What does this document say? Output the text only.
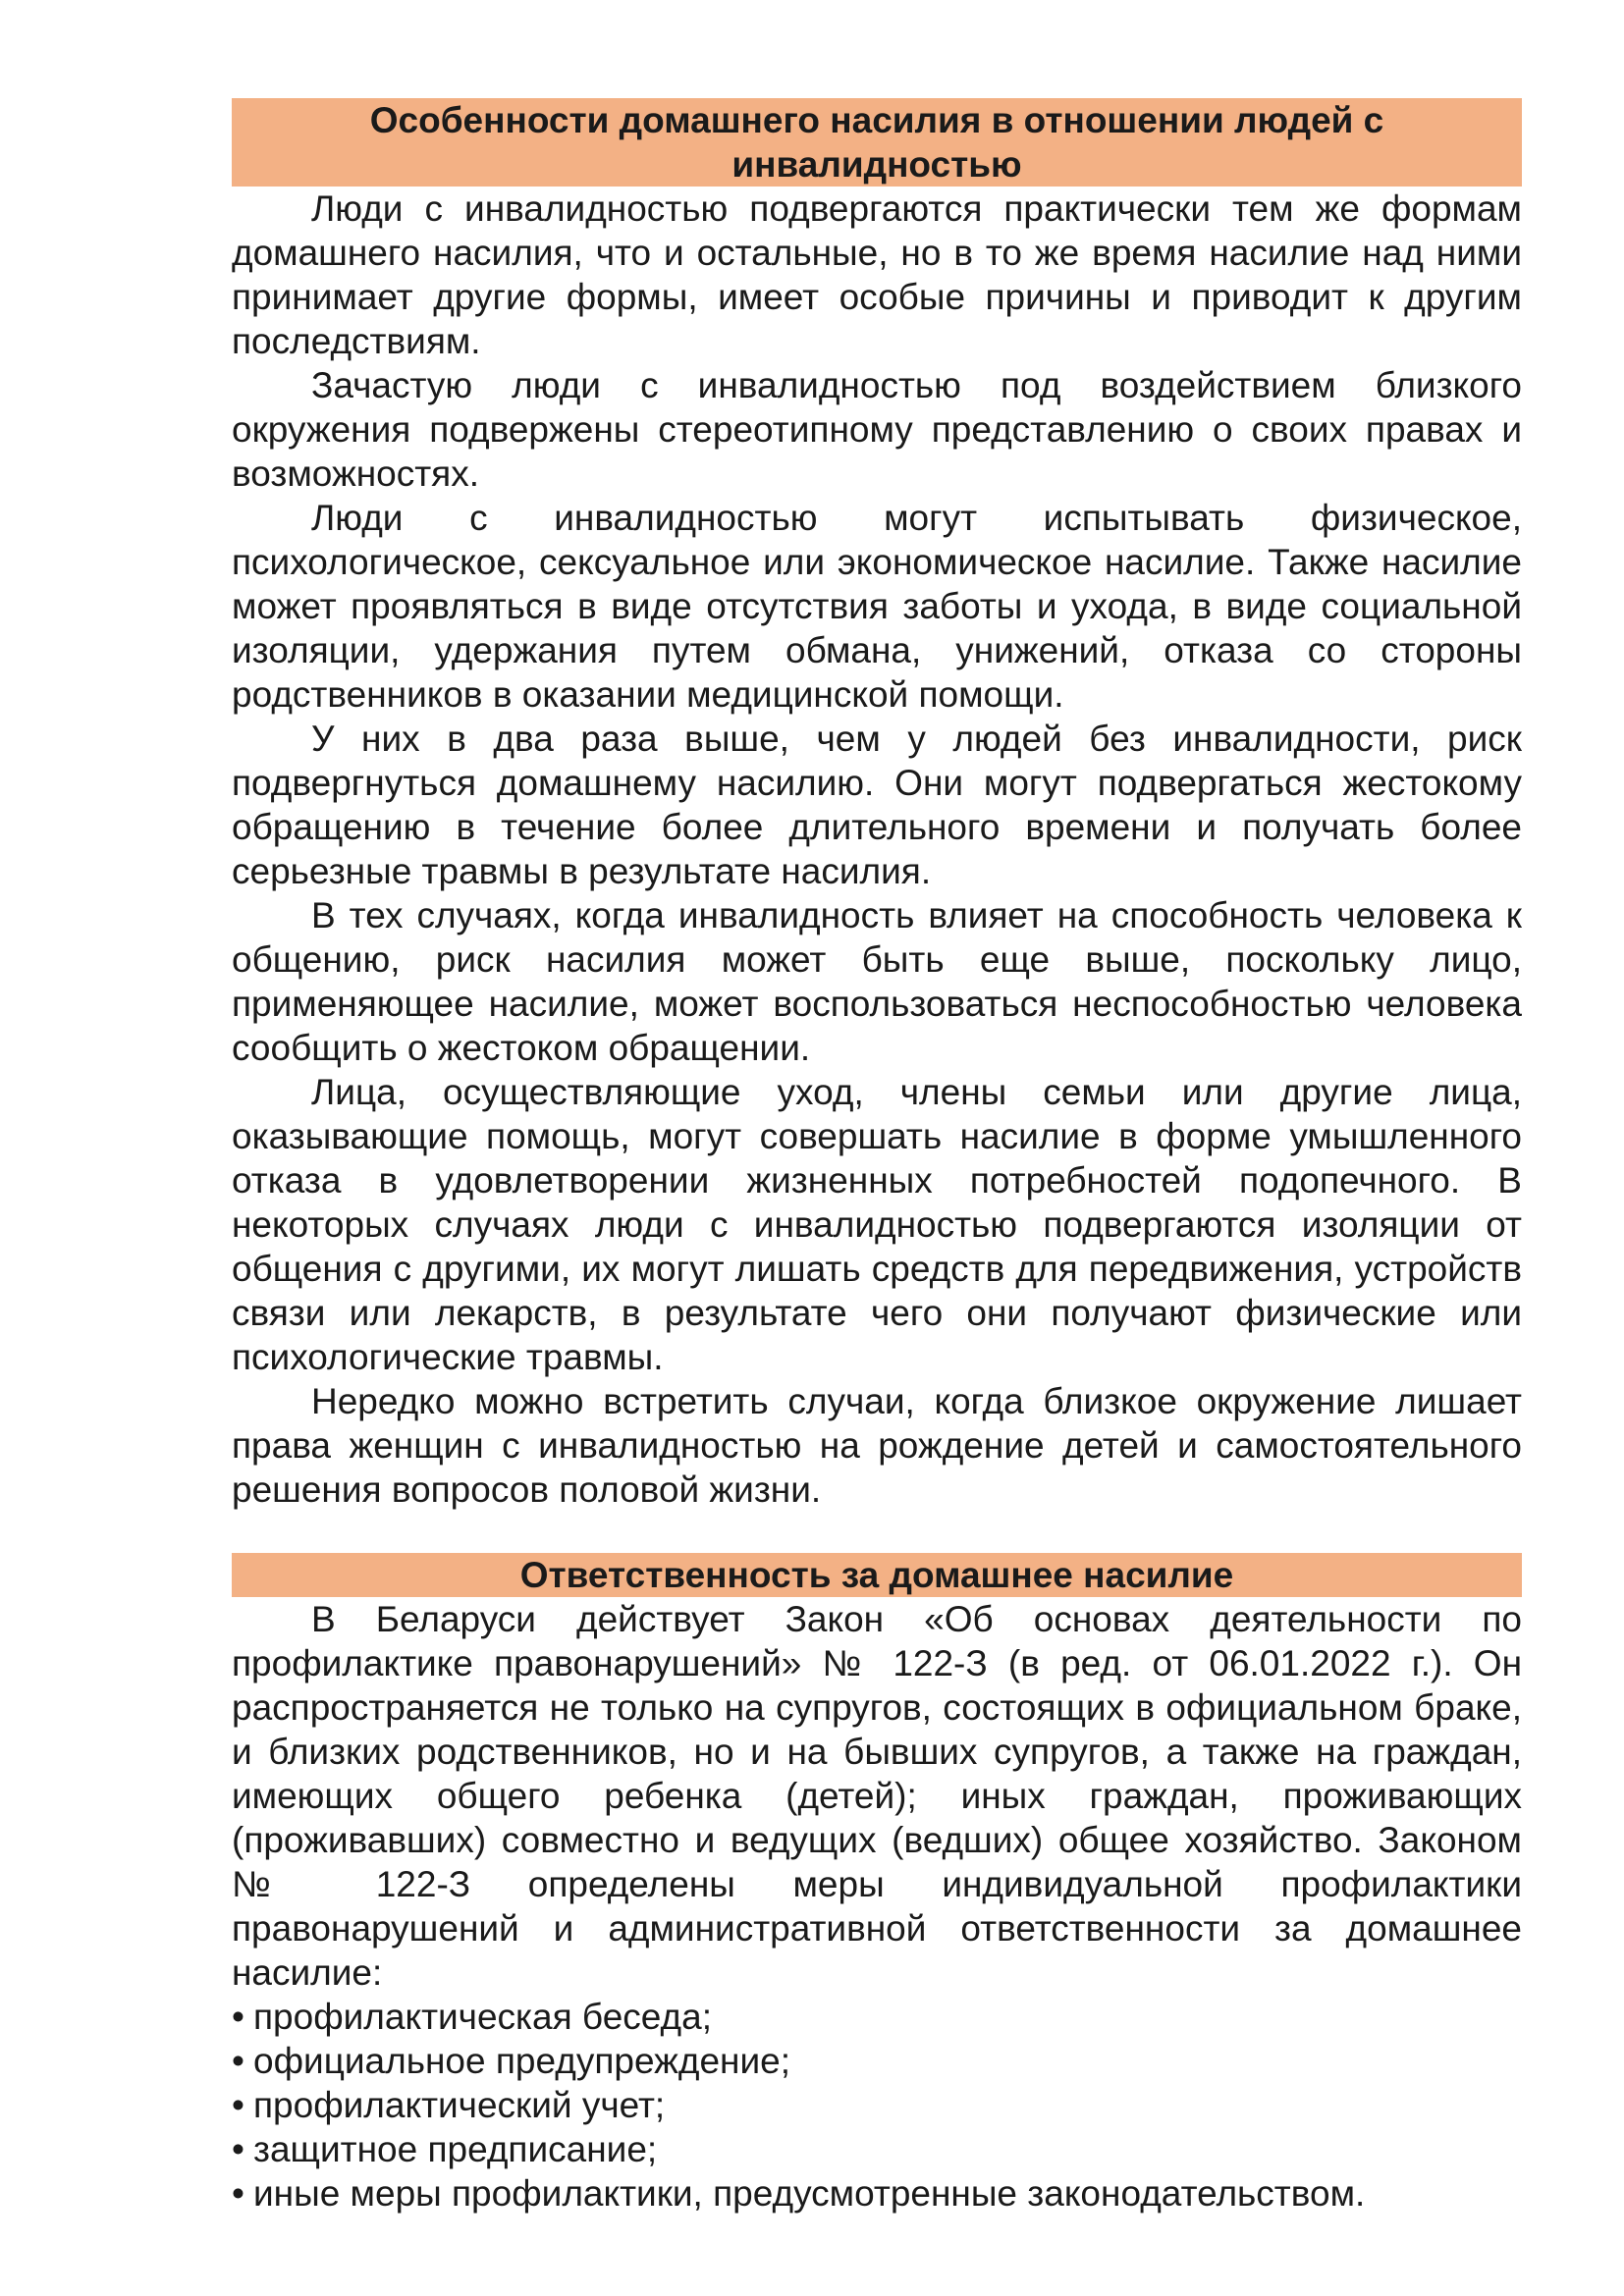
Особенности домашнего насилия в отношении людей с инвалидностью

Люди с инвалидностью подвергаются практически тем же формам домашнего насилия, что и остальные, но в то же время насилие над ними принимает другие формы, имеет особые причины и приводит к другим последствиям.

Зачастую люди с инвалидностью под воздействием близкого окружения подвержены стереотипному представлению о своих правах и возможностях.

Люди с инвалидностью могут испытывать физическое, психологическое, сексуальное или экономическое насилие. Также насилие может проявляться в виде отсутствия заботы и ухода, в виде социальной изоляции, удержания путем обмана, унижений, отказа со стороны родственников в оказании медицинской помощи.

У них в два раза выше, чем у людей без инвалидности, риск подвергнуться домашнему насилию. Они могут подвергаться жестокому обращению в течение более длительного времени и получать более серьезные травмы в результате насилия.

В тех случаях, когда инвалидность влияет на способность человека к общению, риск насилия может быть еще выше, поскольку лицо, применяющее насилие, может воспользоваться неспособностью человека сообщить о жестоком обращении.

Лица, осуществляющие уход, члены семьи или другие лица, оказывающие помощь, могут совершать насилие в форме умышленного отказа в удовлетворении жизненных потребностей подопечного. В некоторых случаях люди с инвалидностью подвергаются изоляции от общения с другими, их могут лишать средств для передвижения, устройств связи или лекарств, в результате чего они получают физические или психологические травмы.

Нередко можно встретить случаи, когда близкое окружение лишает права женщин с инвалидностью на рождение детей и самостоятельного решения вопросов половой жизни.

Ответственность за домашнее насилие

В Беларуси действует Закон «Об основах деятельности по профилактике правонарушений» № 122-З (в ред. от 06.01.2022 г.). Он распространяется не только на супругов, состоящих в официальном браке, и близких родственников, но и на бывших супругов, а также на граждан, имеющих общего ребенка (детей); иных граждан, проживающих (проживавших) совместно и ведущих (ведших) общее хозяйство. Законом № 122-З определены меры индивидуальной профилактики правонарушений и административной ответственности за домашнее насилие:

• профилактическая беседа;
• официальное предупреждение;
• профилактический учет;
• защитное предписание;
• иные меры профилактики, предусмотренные законодательством.
